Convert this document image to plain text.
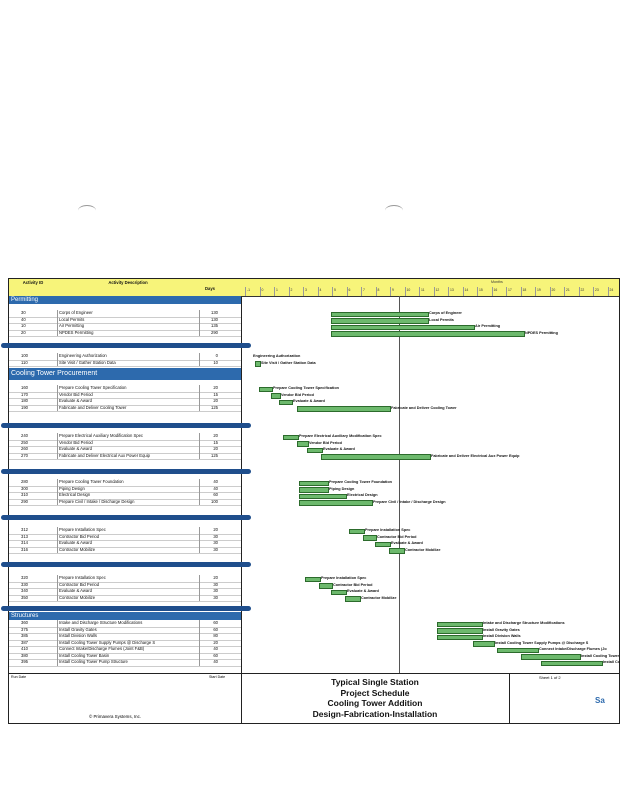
Activity ID	Activity Description
Days
Permitting
30	Corps of Engineer	130
40	Local Permits	130
10	Air Permitting	135
20	NPDES Permitting	290
100	Engineering Authorization	0
110	Site Visit / Gather Station Data	10
Cooling Tower Procurement
160	Prepare Cooling Tower Specification	20
170	Vendor Bid Period	15
180	Evaluate & Award	20
190	Fabricate and Deliver Cooling Tower	125
240	Prepare Electrical Auxiliary Modification Spec	20
250	Vendor Bid Period	15
260	Evaluate & Award	20
270	Fabricate and Deliver Electrical Aux Power Equip	125
280	Prepare Cooling Tower Foundation	40
300	Piping Design	40
310	Electrical Design	60
290	Prepare Civil / Intake / Discharge Design	100
312	Prepare Installation Spec	20
313	Contractor Bid Period	30
314	Evaluate & Award	30
316	Contractor Mobilize	30
320	Prepare Installation Spec	20
330	Contractor Bid Period	30
340	Evaluate & Award	30
350	Contractor Mobilize	30
Structures
360	Intake and Discharge Structure Modifications	60
375	Install Gravity Gates	60
385	Install Division Walls	80
387	Install Cooling Tower Supply Pumps @ Discharge S	20
410	Connect Intake/Discharge Flumes (Joint F&B)	40
380	Install Cooling Tower Basin	60
395	Install Cooling Tower Pump Structure	40
Months
-1	0	1	2	3	4	5	6	7	8	9	10	11	12	13	14	15	16	17	18	19	20	21	22	23	24
Corps of Engineer
Local Permits
Air Permitting
NPDES Permitting
Engineering Authorization
Site Visit / Gather Station Data
Prepare Cooling Tower Specification
Vendor Bid Period
Evaluate & Award
Fabricate and Deliver Cooling Tower
Prepare Electrical Auxiliary Modification Spec
Vendor Bid Period
Evaluate & Award
Fabricate and Deliver Electrical Aux Power Equip
Prepare Cooling Tower Foundation
Piping Design
Electrical Design
Prepare Civil / Intake / Discharge Design
Prepare Installation Spec
Contractor Bid Period
Evaluate & Award
Contractor Mobilize
Prepare Installation Spec
Contractor Bid Period
Evaluate & Award
Contractor Mobilize
Intake and Discharge Structure Modifications
Install Gravity Gates
Install Division Walls
Install Cooling Tower Supply Pumps @ Discharge S
Connect Intake/Discharge Flumes (Jo
Install Cooling Tower
Install Co
Run Date	Start Date
© Primavera Systems, Inc.
Typical Single Station
Project Schedule
Cooling Tower Addition
Design-Fabrication-Installation
Sheet 1 of 2
Sa
